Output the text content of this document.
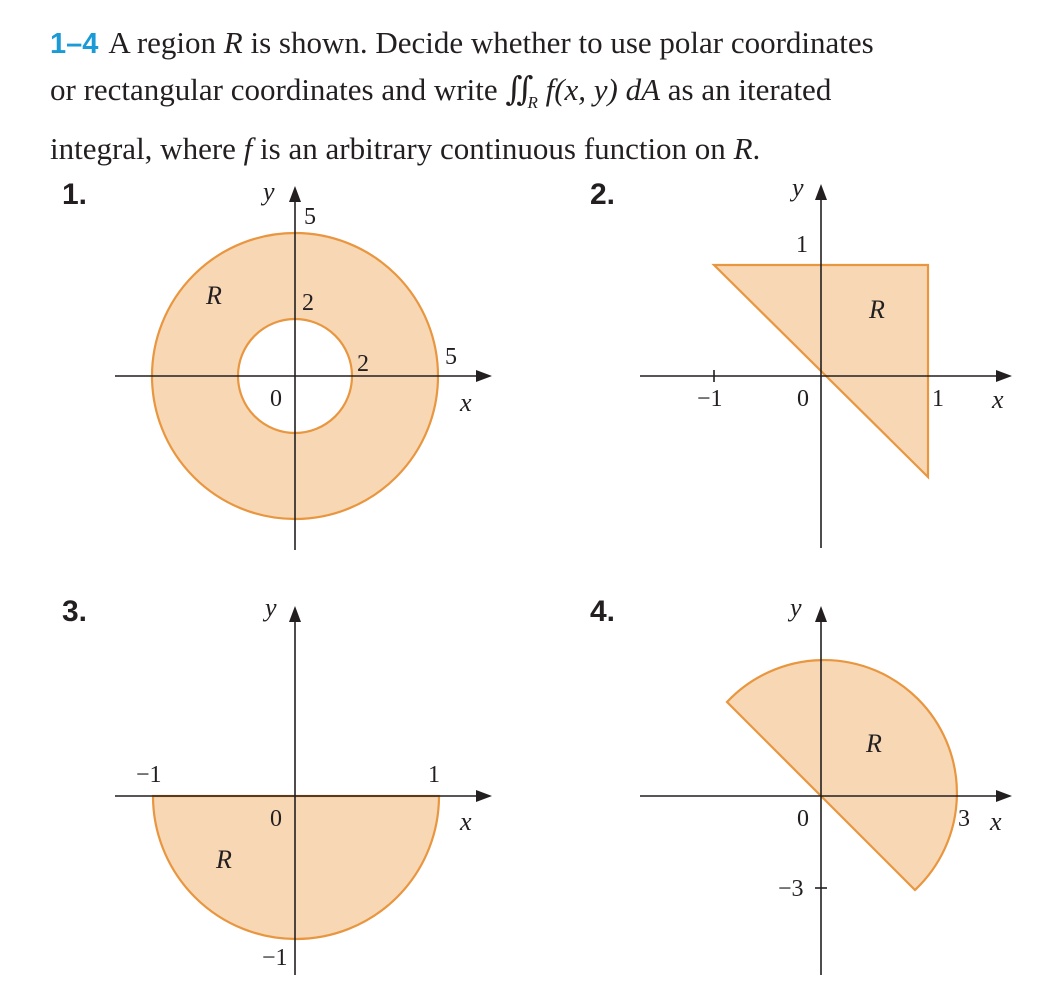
1–4 A region R is shown. Decide whether to use polar coordinates
or rectangular coordinates and write $∬_R$ f(x, y) dA as an iterated
integral, where f is an arbitrary continuous function on R.
1.	2.
3.	4.
x
y
5
2
2	5
0
R
x
y
1
−1	1
0
R
x
y
−1	1
0
−1
R
x
y
3
0
−3
R
